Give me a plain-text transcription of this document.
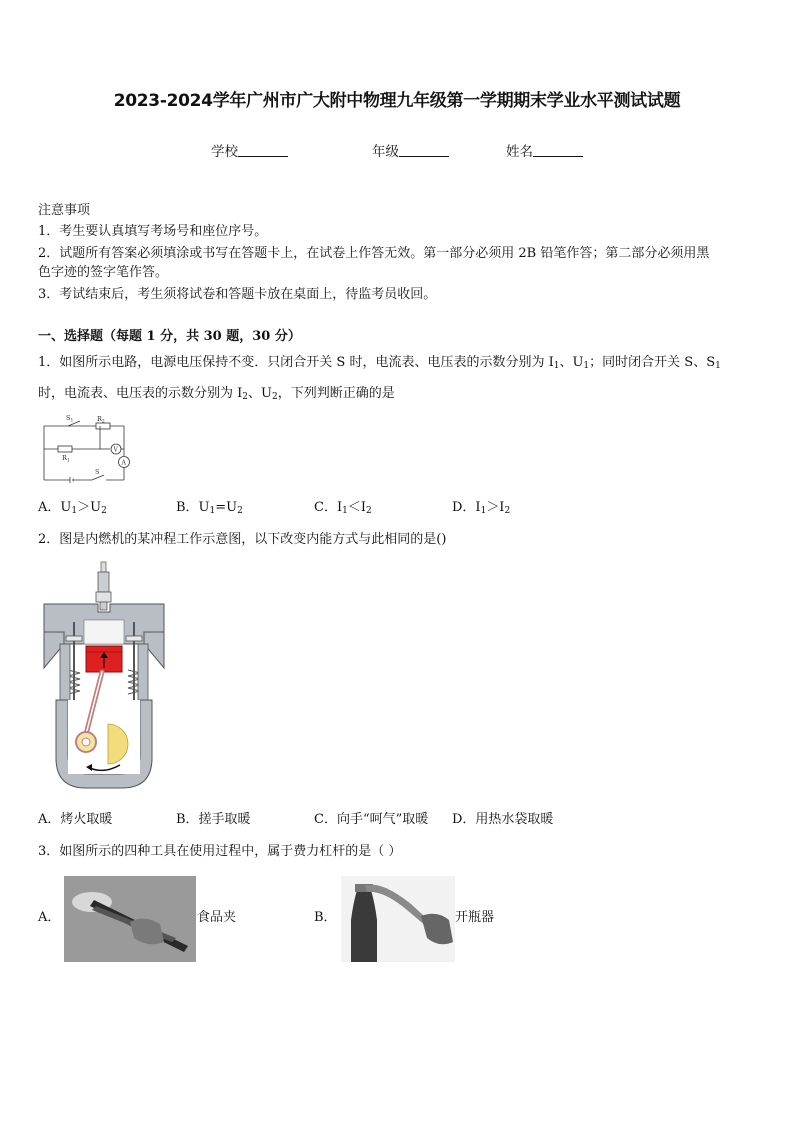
2023-2024学年广州市广大附中物理九年级第一学期期末学业水平测试试题
学校	年级	姓名
注意事项
1．考生要认真填写考场号和座位序号。
2．试题所有答案必须填涂或书写在答题卡上，在试卷上作答无效。第一部分必须用 2B 铅笔作答；第二部分必须用黑
色字迹的签字笔作答。
3．考试结束后，考生须将试卷和答题卡放在桌面上，待监考员收回。
一、选择题（每题 1 分，共 30 题，30 分）
1．如图所示电路，电源电压保持不变．只闭合开关 S 时，电流表、电压表的示数分别为 $I_1$、$U_1$；同时闭合开关 S、$S_1$
时，电流表、电压表的示数分别为 $I_2$、$U_2$，下列判断正确的是
$S_1$	$R_2$
$R_1$
S
V
A
A．$U_1>U_2$	B．$U_1=U_2$	C．$I_1<I_2$	D．$I_1>I_2$
2．图是内燃机的某冲程工作示意图，以下改变内能方式与此相同的是()
A．烤火取暖	B．搓手取暖	C．向手“呵气”取暖 D．用热水袋取暖
3．如图所示的四种工具在使用过程中，属于费力杠杆的是（ ）
A．	食品夹	B．	开瓶器
